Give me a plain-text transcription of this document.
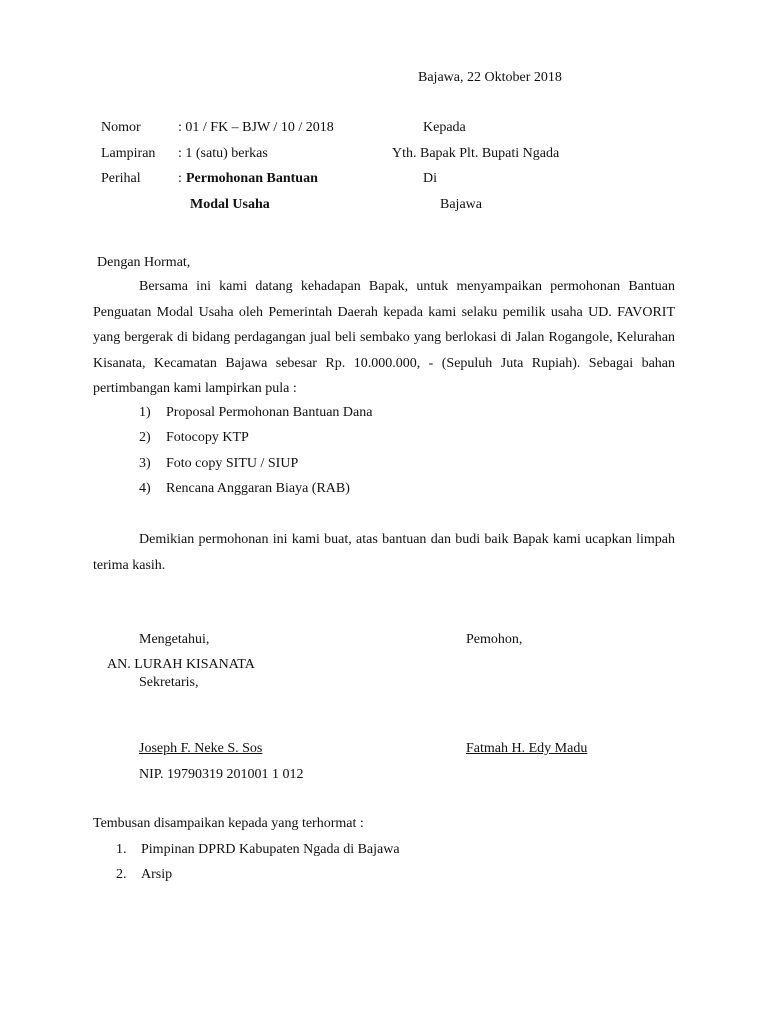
Bajawa, 22 Oktober 2018
Nomor	: 01 / FK – BJW / 10 / 2018
Lampiran : 1 (satu) berkas
Perihal	: Permohonan Bantuan
Modal Usaha
Kepada
Yth. Bapak Plt. Bupati Ngada
Di
Bajawa
Dengan Hormat,
Bersama ini kami datang kehadapan Bapak, untuk menyampaikan permohonan Bantuan Penguatan Modal Usaha oleh Pemerintah Daerah kepada kami selaku pemilik usaha UD. FAVORIT yang bergerak di bidang perdagangan jual beli sembako yang berlokasi di Jalan Rogangole, Kelurahan Kisanata, Kecamatan Bajawa sebesar Rp. 10.000.000, - (Sepuluh Juta Rupiah). Sebagai bahan pertimbangan kami lampirkan pula :
1) Proposal Permohonan Bantuan Dana
2) Fotocopy KTP
3) Foto copy SITU / SIUP
4) Rencana Anggaran Biaya (RAB)
Demikian permohonan ini kami buat, atas bantuan dan budi baik Bapak kami ucapkan limpah terima kasih.
Mengetahui,
AN. LURAH KISANATA
Sekretaris,
Joseph F. Neke S. Sos
NIP. 19790319 201001 1 012
Pemohon,
Fatmah H. Edy Madu
Tembusan disampaikan kepada yang terhormat :
1. Pimpinan DPRD Kabupaten Ngada di Bajawa
2. Arsip
